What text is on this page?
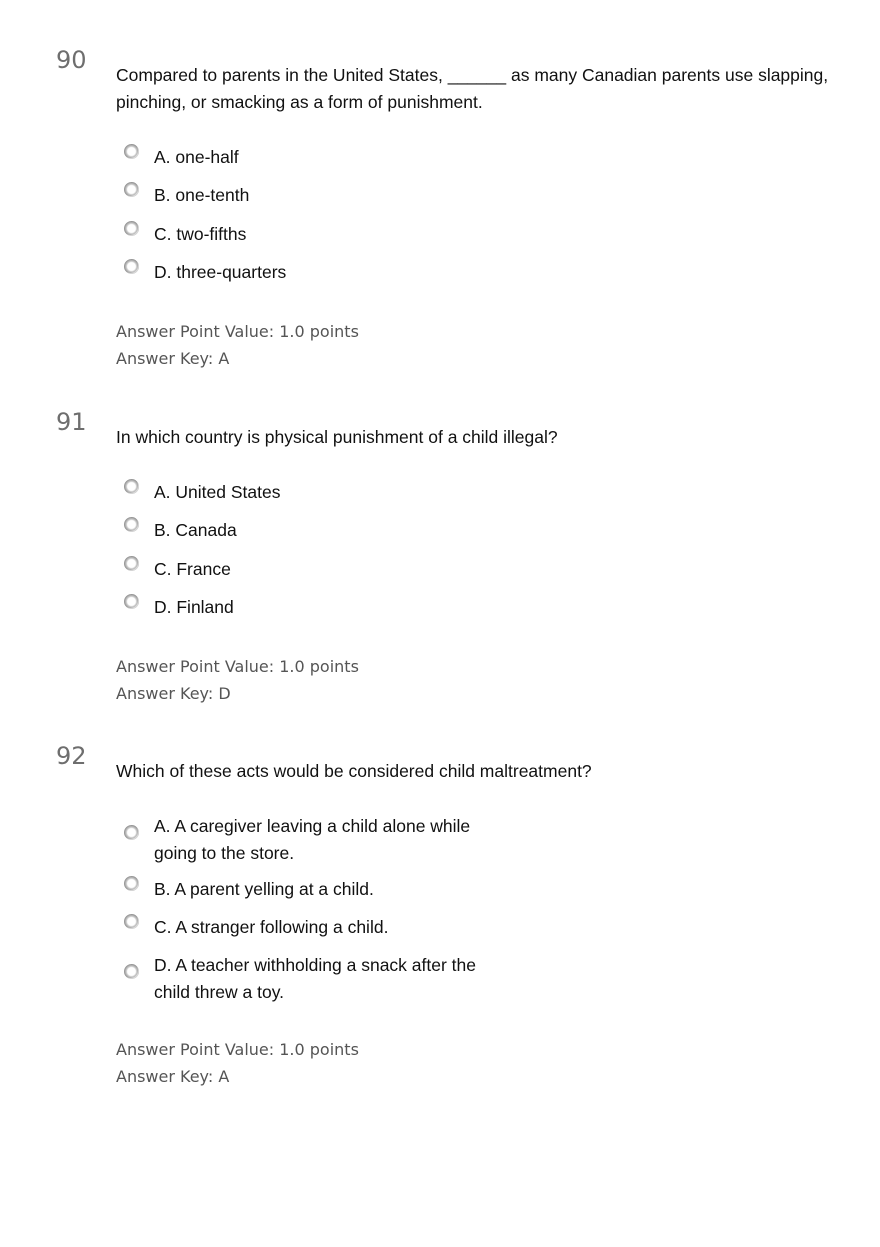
90
Compared to parents in the United States, ______ as many Canadian parents use slapping, pinching, or smacking as a form of punishment.
A. one-half
B. one-tenth
C. two-fifths
D. three-quarters
Answer Point Value: 1.0 points
Answer Key: A
91
In which country is physical punishment of a child illegal?
A. United States
B. Canada
C. France
D. Finland
Answer Point Value: 1.0 points
Answer Key: D
92
Which of these acts would be considered child maltreatment?
A. A caregiver leaving a child alone while
going to the store.
B. A parent yelling at a child.
C. A stranger following a child.
D. A teacher withholding a snack after the
child threw a toy.
Answer Point Value: 1.0 points
Answer Key: A
